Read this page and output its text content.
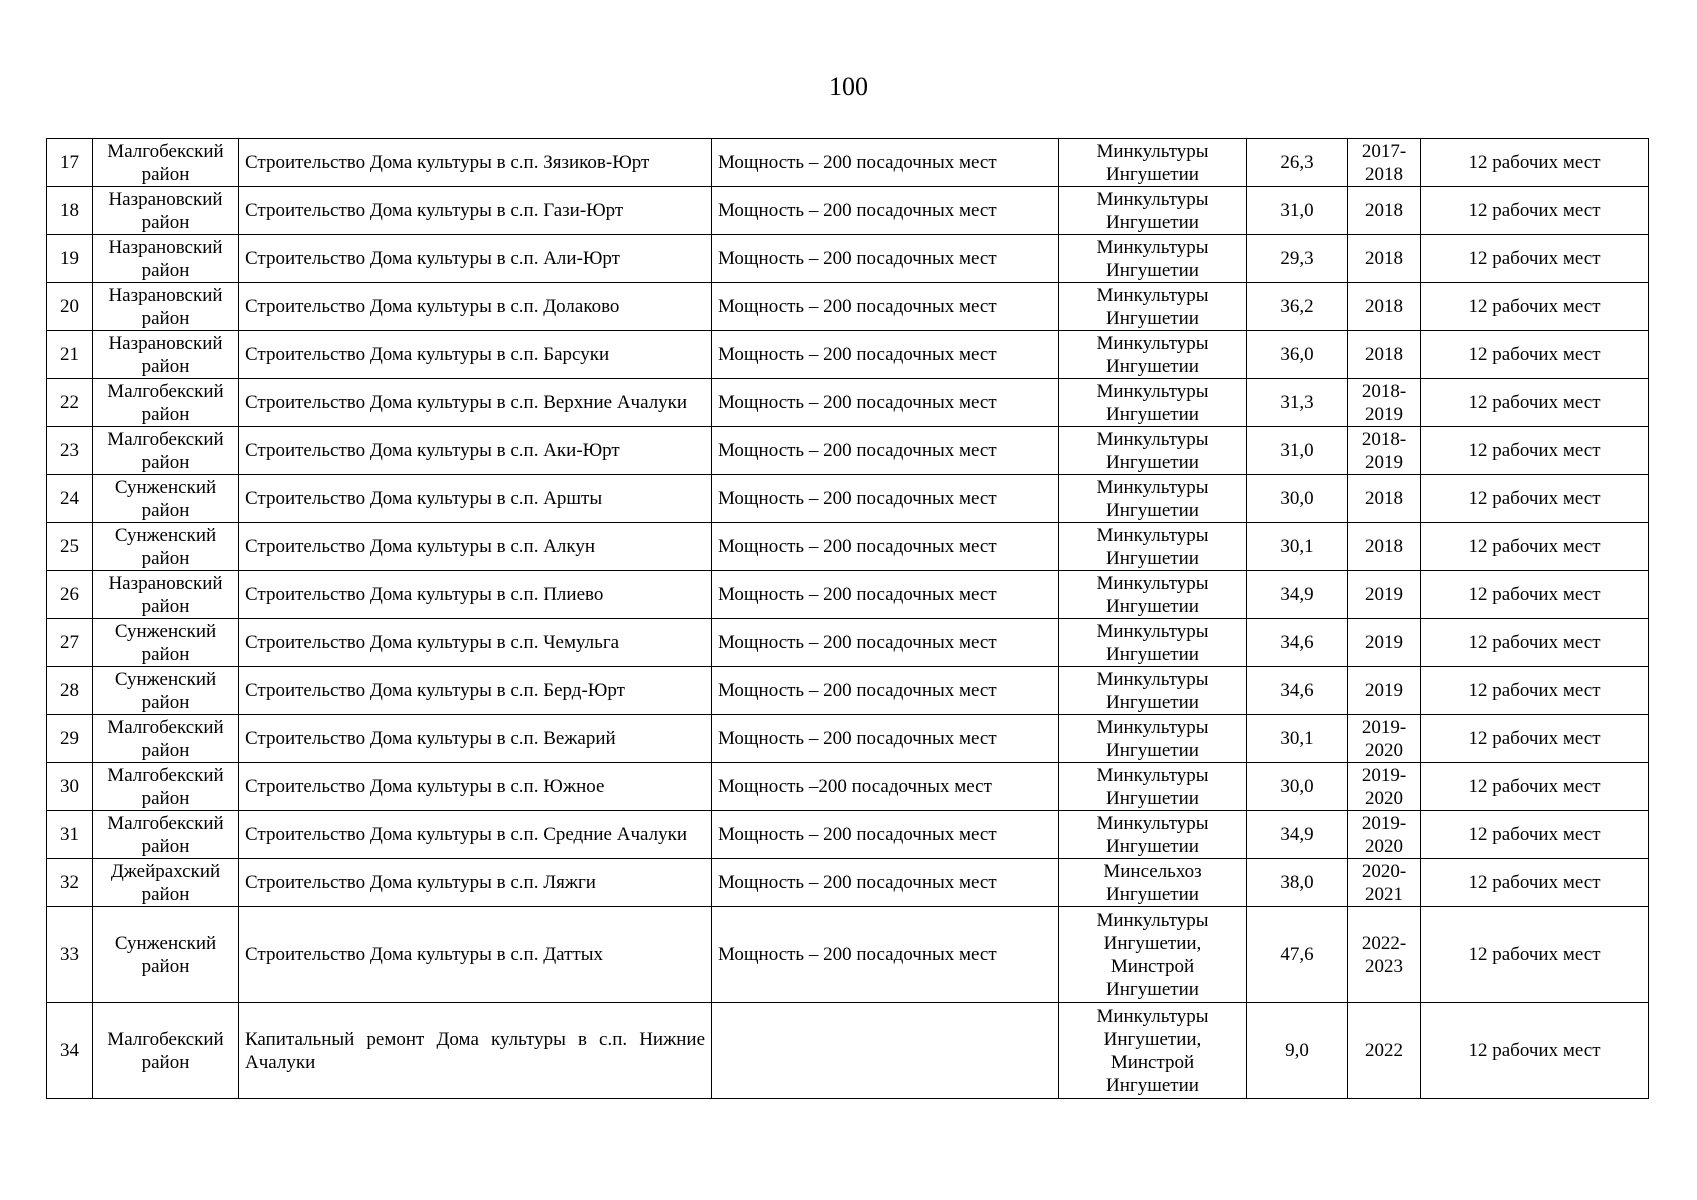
100
17	Малгобекский район	Строительство Дома культуры в с.п. Зязиков-Юрт	Мощность – 200 посадочных мест	Минкультуры Ингушетии	26,3	2017-2018	12 рабочих мест
18	Назрановский район	Строительство Дома культуры в с.п. Гази-Юрт	Мощность – 200 посадочных мест	Минкультуры Ингушетии	31,0	2018	12 рабочих мест
19	Назрановский район	Строительство Дома культуры в с.п. Али-Юрт	Мощность – 200 посадочных мест	Минкультуры Ингушетии	29,3	2018	12 рабочих мест
20	Назрановский район	Строительство Дома культуры в с.п. Долаково	Мощность – 200 посадочных мест	Минкультуры Ингушетии	36,2	2018	12 рабочих мест
21	Назрановский район	Строительство Дома культуры в с.п. Барсуки	Мощность – 200 посадочных мест	Минкультуры Ингушетии	36,0	2018	12 рабочих мест
22	Малгобекский район	Строительство Дома культуры в с.п. Верхние Ачалуки	Мощность – 200 посадочных мест	Минкультуры Ингушетии	31,3	2018-2019	12 рабочих мест
23	Малгобекский район	Строительство Дома культуры в с.п. Аки-Юрт	Мощность – 200 посадочных мест	Минкультуры Ингушетии	31,0	2018-2019	12 рабочих мест
24	Сунженский район	Строительство Дома культуры в с.п. Аршты	Мощность – 200 посадочных мест	Минкультуры Ингушетии	30,0	2018	12 рабочих мест
25	Сунженский район	Строительство Дома культуры в с.п. Алкун	Мощность – 200 посадочных мест	Минкультуры Ингушетии	30,1	2018	12 рабочих мест
26	Назрановский район	Строительство Дома культуры в с.п. Плиево	Мощность – 200 посадочных мест	Минкультуры Ингушетии	34,9	2019	12 рабочих мест
27	Сунженский район	Строительство Дома культуры в с.п. Чемульга	Мощность – 200 посадочных мест	Минкультуры Ингушетии	34,6	2019	12 рабочих мест
28	Сунженский район	Строительство Дома культуры в с.п. Берд-Юрт	Мощность – 200 посадочных мест	Минкультуры Ингушетии	34,6	2019	12 рабочих мест
29	Малгобекский район	Строительство Дома культуры в с.п. Вежарий	Мощность – 200 посадочных мест	Минкультуры Ингушетии	30,1	2019-2020	12 рабочих мест
30	Малгобекский район	Строительство Дома культуры в с.п. Южное	Мощность –200 посадочных мест	Минкультуры Ингушетии	30,0	2019-2020	12 рабочих мест
31	Малгобекский район	Строительство Дома культуры в с.п. Средние Ачалуки	Мощность – 200 посадочных мест	Минкультуры Ингушетии	34,9	2019-2020	12 рабочих мест
32	Джейрахский район	Строительство Дома культуры в с.п. Ляжги	Мощность – 200 посадочных мест	Минсельхоз Ингушетии	38,0	2020-2021	12 рабочих мест
33	Сунженский район	Строительство Дома культуры в с.п. Даттых	Мощность – 200 посадочных мест	Минкультуры Ингушетии, Минстрой Ингушетии	47,6	2022-2023	12 рабочих мест
34	Малгобекский район	Капитальный ремонт Дома культуры в с.п. Нижние Ачалуки		Минкультуры Ингушетии, Минстрой Ингушетии	9,0	2022	12 рабочих мест
